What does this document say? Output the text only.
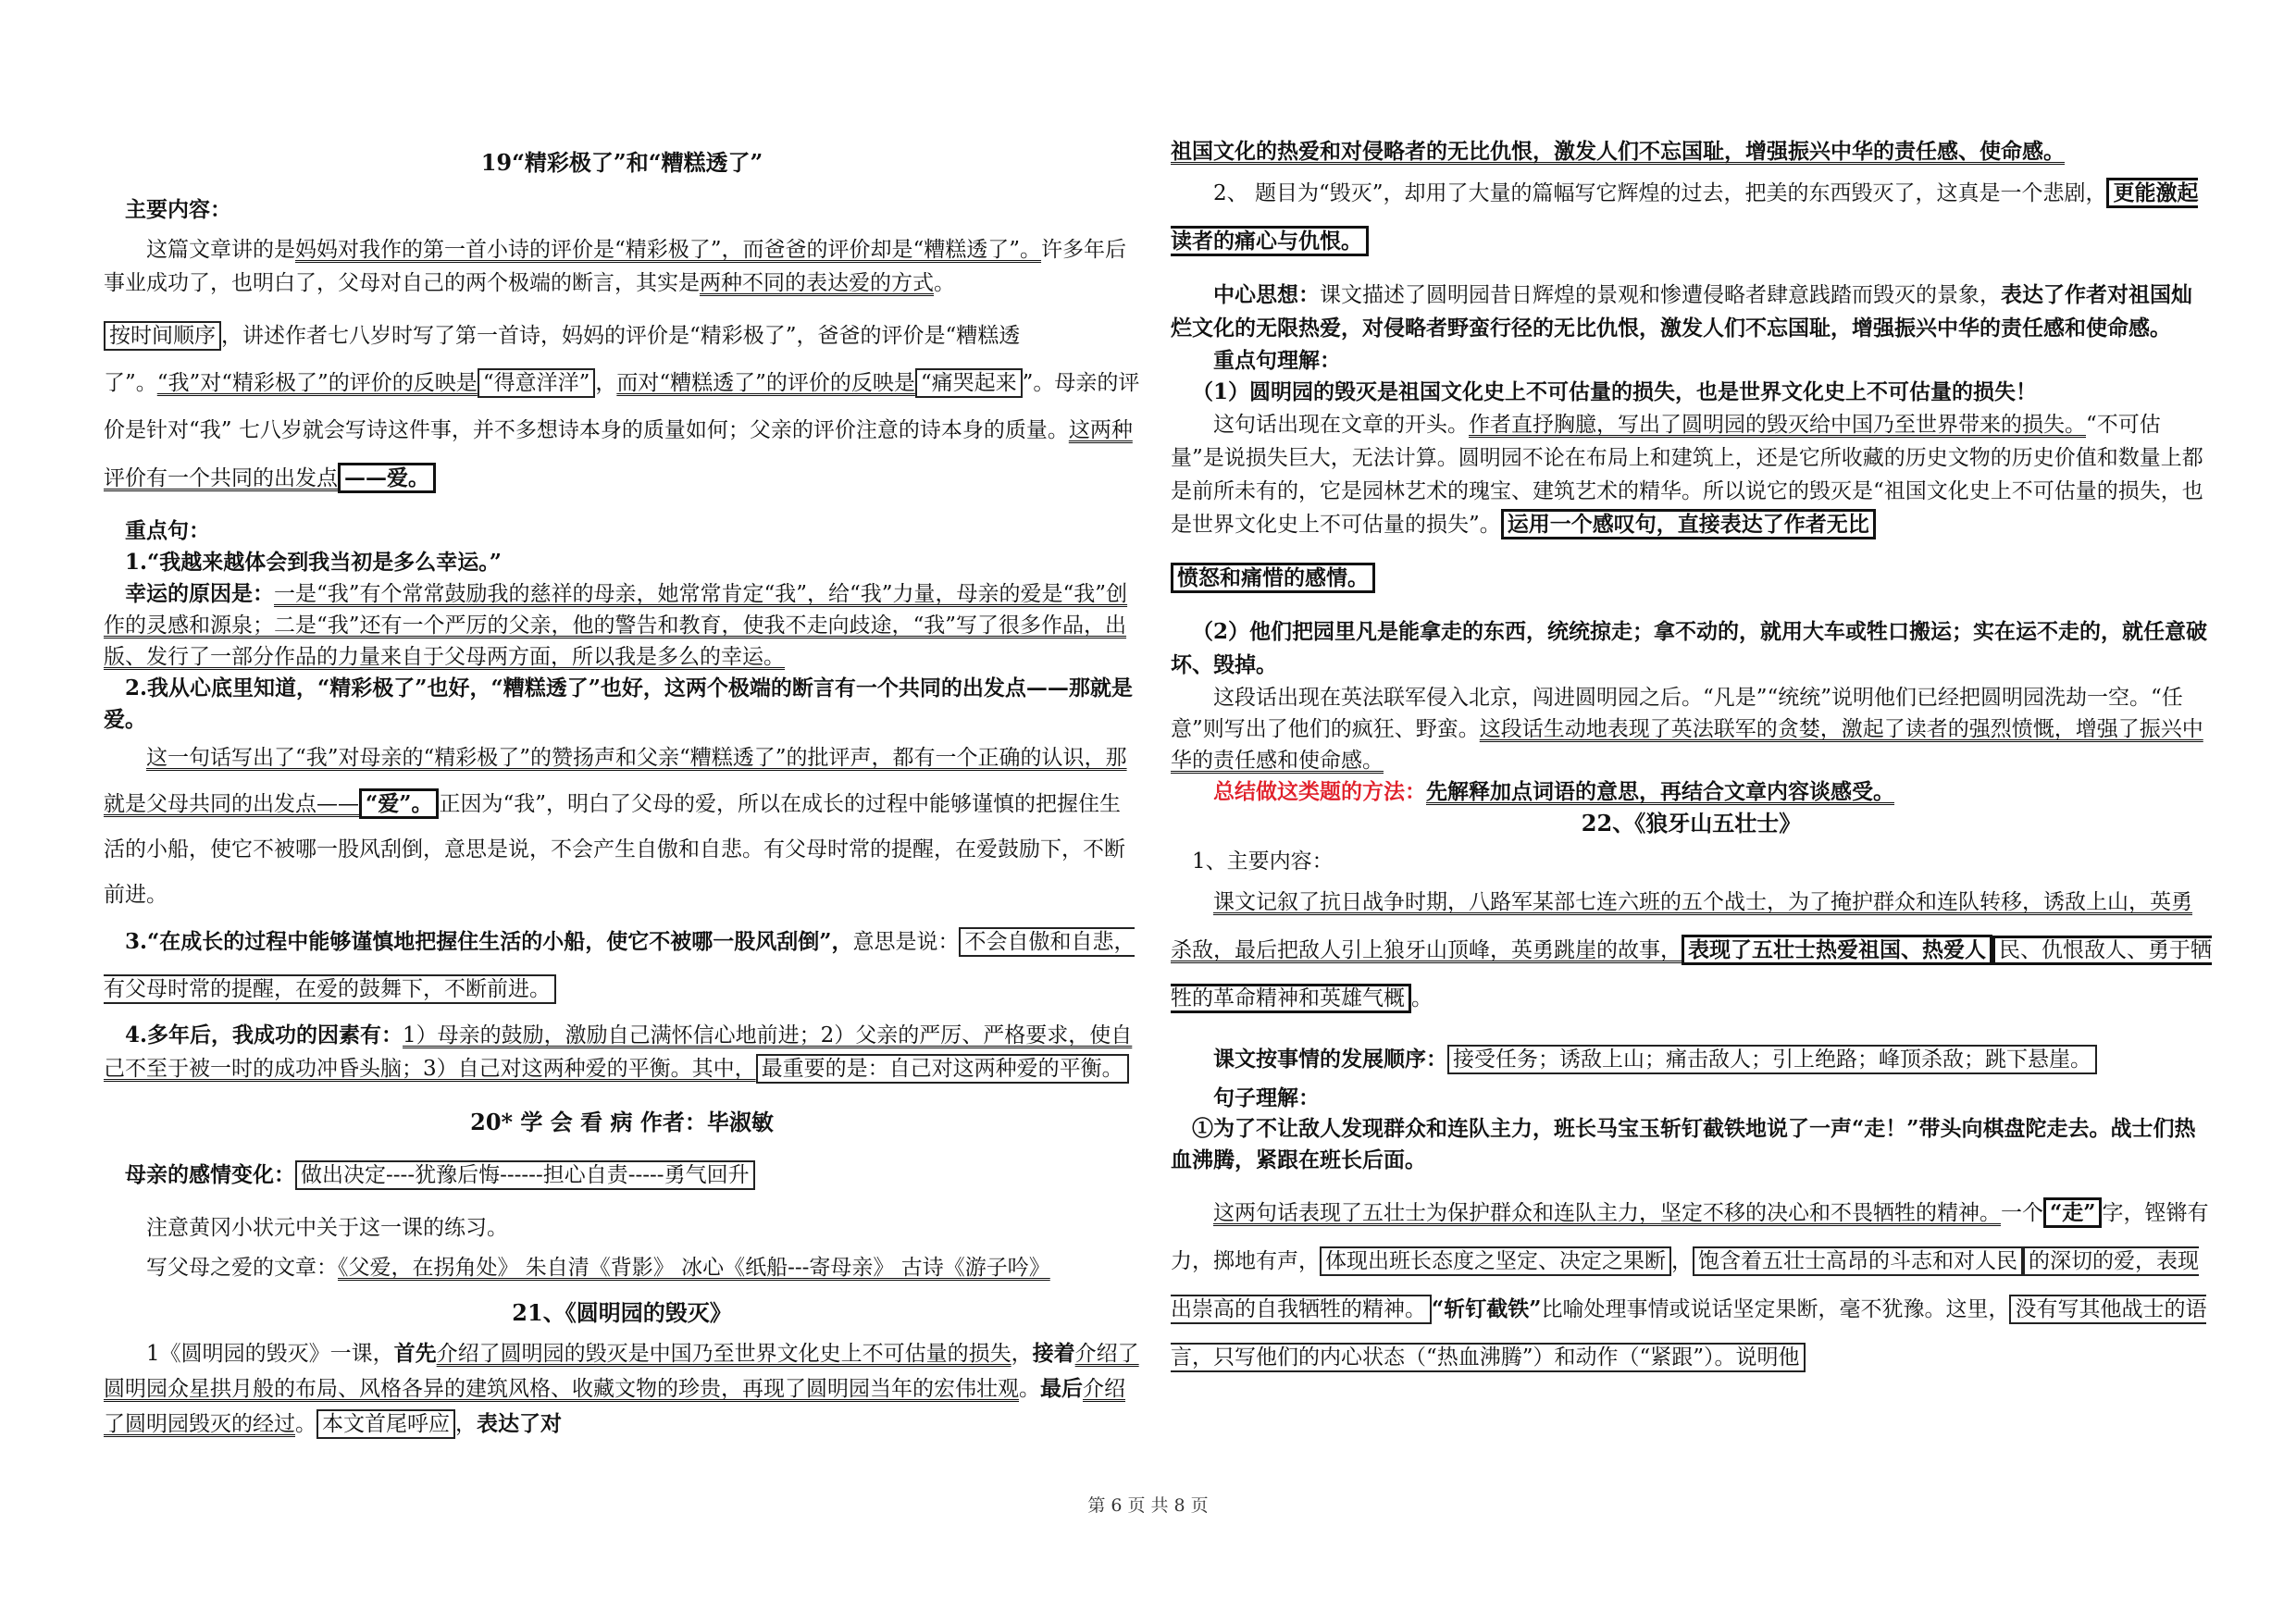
19“精彩极了”和“糟糕透了”

主要内容：

这篇文章讲的是妈妈对我作的第一首小诗的评价是“精彩极了”，而爸爸的评价却是“糟糕透了”。许多年后事业成功了，也明白了，父母对自己的两个极端的断言，其实是两种不同的表达爱的方式。

按时间顺序 ，讲述作者七八岁时写了第一首诗，妈妈的评价是“精彩极了”，爸爸的评价是“糟糕透了”。“我”对“精彩极了”的评价的反映是 “得意洋洋” ，而对“糟糕透了”的评价的反映是 “痛哭起来 ”。母亲的评价是针对“我” 七八岁就会写诗这件事，并不多想诗本身的质量如何；父亲的评价注意的诗本身的质量。这两种评价有一个共同的出发点 ——爱。

重点句：

1.“我越来越体会到我当初是多么幸运。”

幸运的原因是：一是“我”有个常常鼓励我的慈祥的母亲，她常常肯定“我”，给“我”力量，母亲的爱是“我”创作的灵感和源泉；二是“我”还有一个严厉的父亲，他的警告和教育，使我不走向歧途，“我”写了很多作品，出版、发行了一部分作品的力量来自于父母两方面，所以我是多么的幸运。

2.我从心底里知道，“精彩极了”也好，“糟糕透了”也好，这两个极端的断言有一个共同的出发点——那就是爱。

这一句话写出了“我”对母亲的“精彩极了”的赞扬声和父亲“糟糕透了”的批评声，都有一个正确的认识，那就是父母共同的出发点—— “爱”。 正因为“我”，明白了父母的爱，所以在成长的过程中能够谨慎的把握住生活的小船，使它不被哪一股风刮倒，意思是说，不会产生自傲和自悲。有父母时常的提醒，在爱鼓励下，不断前进。

3.“在成长的过程中能够谨慎地把握住生活的小船，使它不被哪一股风刮倒”，意思是说： 不会自傲和自悲，有父母时常的提醒，在爱的鼓舞下，不断前进。

4.多年后，我成功的因素有：1）母亲的鼓励，激励自己满怀信心地前进；2）父亲的严厉、严格要求，使自己不至于被一时的成功冲昏头脑；3）自己对这两种爱的平衡。其中， 最重要的是：自己对这两种爱的平衡。

20* 学 会 看 病 作者：毕淑敏

母亲的感情变化： 做出决定----犹豫后悔------担心自责-----勇气回升

注意黄冈小状元中关于这一课的练习。

写父母之爱的文章：《父爱，在拐角处》 朱自清《背影》 冰心《纸船---寄母亲》 古诗《游子吟》

21、《圆明园的毁灭》

1《圆明园的毁灭》一课，首先介绍了圆明园的毁灭是中国乃至世界文化史上不可估量的损失，接着介绍了圆明园众星拱月般的布局、风格各异的建筑风格、收藏文物的珍贵，再现了圆明园当年的宏伟壮观。最后介绍了圆明园毁灭的经过。 本文首尾呼应 ，表达了对

祖国文化的热爱和对侵略者的无比仇恨，激发人们不忘国耻，增强振兴中华的责任感、使命感。

2、 题目为“毁灭”，却用了大量的篇幅写它辉煌的过去，把美的东西毁灭了，这真是一个悲剧， 更能激起读者的痛心与仇恨。

中心思想：课文描述了圆明园昔日辉煌的景观和惨遭侵略者肆意践踏而毁灭的景象，表达了作者对祖国灿烂文化的无限热爱，对侵略者野蛮行径的无比仇恨，激发人们不忘国耻，增强振兴中华的责任感和使命感。

重点句理解：

（1）圆明园的毁灭是祖国文化史上不可估量的损失，也是世界文化史上不可估量的损失！

这句话出现在文章的开头。作者直抒胸臆，写出了圆明园的毁灭给中国乃至世界带来的损失。“不可估量”是说损失巨大，无法计算。圆明园不论在布局上和建筑上，还是它所收藏的历史文物的历史价值和数量上都是前所未有的，它是园林艺术的瑰宝、建筑艺术的精华。所以说它的毁灭是“祖国文化史上不可估量的损失，也是世界文化史上不可估量的损失”。 运用一个感叹句，直接表达了作者无比

愤怒和痛惜的感情。

（2）他们把园里凡是能拿走的东西，统统掠走；拿不动的，就用大车或牲口搬运；实在运不走的，就任意破坏、毁掉。

这段话出现在英法联军侵入北京，闯进圆明园之后。“凡是”“统统”说明他们已经把圆明园洗劫一空。“任意”则写出了他们的疯狂、野蛮。这段话生动地表现了英法联军的贪婪，激起了读者的强烈愤慨，增强了振兴中华的责任感和使命感。

总结做这类题的方法：先解释加点词语的意思，再结合文章内容谈感受。

22、《狼牙山五壮士》

1、主要内容：

课文记叙了抗日战争时期，八路军某部七连六班的五个战士，为了掩护群众和连队转移，诱敌上山，英勇杀敌，最后把敌人引上狼牙山顶峰，英勇跳崖的故事， 表现了五壮士热爱祖国、热爱人 民、仇恨敌人、勇于牺牲的革命精神和英雄气概 。

课文按事情的发展顺序： 接受任务；诱敌上山；痛击敌人；引上绝路；峰顶杀敌；跳下悬崖。

句子理解：

①为了不让敌人发现群众和连队主力，班长马宝玉斩钉截铁地说了一声“走！”带头向棋盘陀走去。战士们热血沸腾，紧跟在班长后面。

这两句话表现了五壮士为保护群众和连队主力，坚定不移的决心和不畏牺牲的精神。一个 “走” 字，铿锵有力，掷地有声， 体现出班长态度之坚定、决定之果断 ， 饱含着五壮士高昂的斗志和对人民 的深切的爱，表现出崇高的自我牺牲的精神。 “斩钉截铁”比喻处理事情或说话坚定果断，毫不犹豫。这里， 没有写其他战士的语言，只写他们的内心状态（“热血沸腾”）和动作（“紧跟”）。说明他

第 6 页 共 8 页
